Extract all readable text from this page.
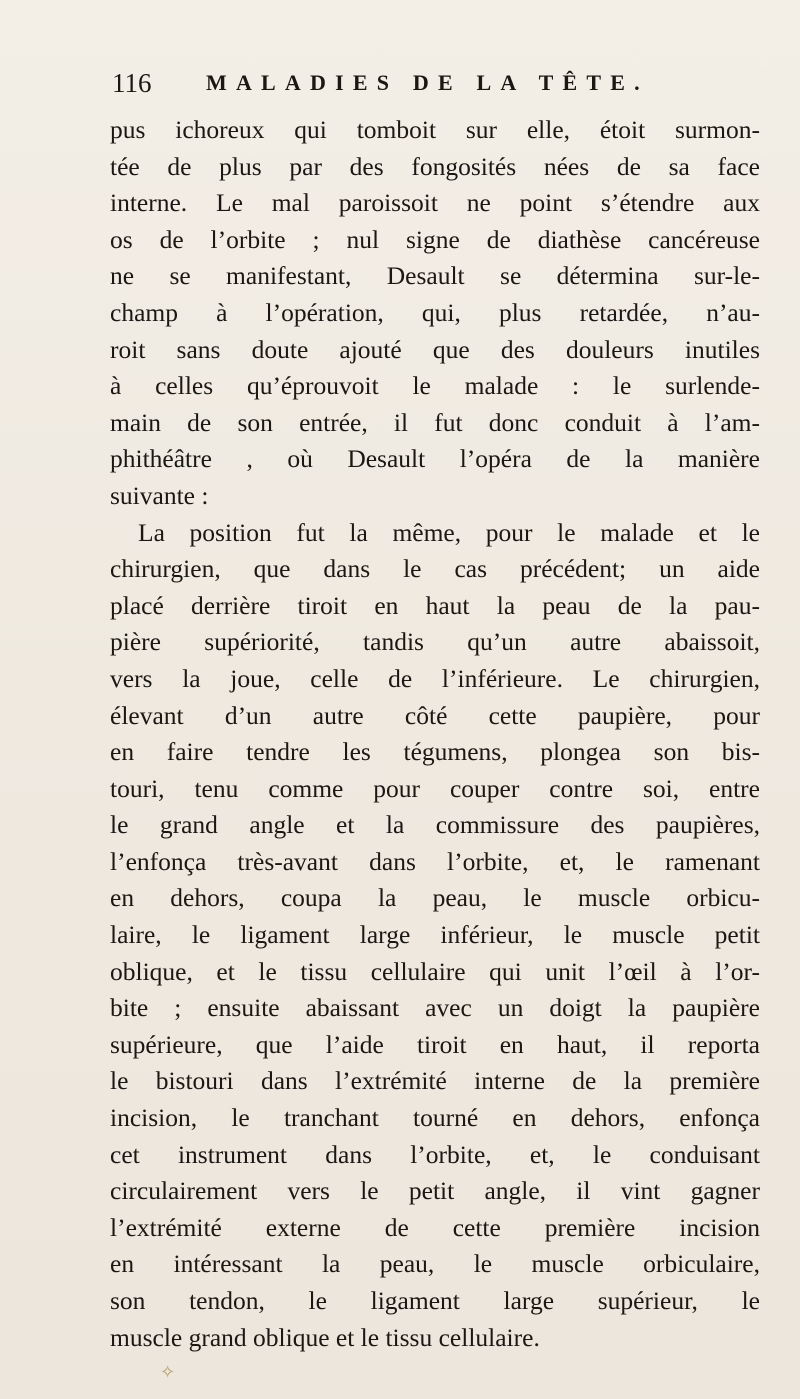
116 MALADIES DE LA TÊTE.
pus ichoreux qui tomboit sur elle, étoit surmon-
tée de plus par des fongosités nées de sa face
interne. Le mal paroissoit ne point s’étendre aux
os de l’orbite ; nul signe de diathèse cancéreuse
ne se manifestant, Desault se détermina sur-le-
champ à l’opération, qui, plus retardée, n’au-
roit sans doute ajouté que des douleurs inutiles
à celles qu’éprouvoit le malade : le surlende-
main de son entrée, il fut donc conduit à l’am-
phithéâtre , où Desault l’opéra de la manière
suivante :
La position fut la même, pour le malade et le
chirurgien, que dans le cas précédent; un aide
placé derrière tiroit en haut la peau de la pau-
pière supériorité, tandis qu’un autre abaissoit,
vers la joue, celle de l’inférieure. Le chirurgien,
élevant d’un autre côté cette paupière, pour
en faire tendre les tégumens, plongea son bis-
touri, tenu comme pour couper contre soi, entre
le grand angle et la commissure des paupières,
l’enfonça très-avant dans l’orbite, et, le ramenant
en dehors, coupa la peau, le muscle orbicu-
laire, le ligament large inférieur, le muscle petit
oblique, et le tissu cellulaire qui unit l’œil à l’or-
bite ; ensuite abaissant avec un doigt la paupière
supérieure, que l’aide tiroit en haut, il reporta
le bistouri dans l’extrémité interne de la première
incision, le tranchant tourné en dehors, enfonça
cet instrument dans l’orbite, et, le conduisant
circulairement vers le petit angle, il vint gagner
l’extrémité externe de cette première incision
en intéressant la peau, le muscle orbiculaire,
son tendon, le ligament large supérieur, le
muscle grand oblique et le tissu cellulaire.
✧
